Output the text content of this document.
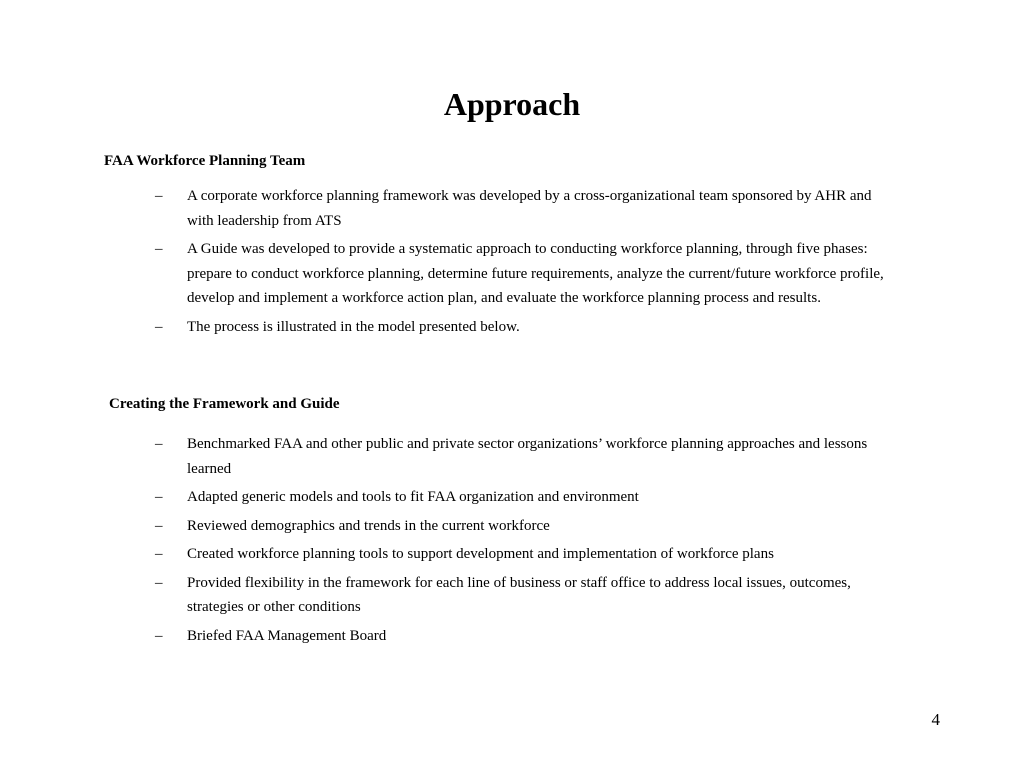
Approach
FAA Workforce Planning Team
–	A corporate workforce planning framework was developed by a cross-organizational team sponsored by AHR and with leadership from ATS
–	A Guide was developed to provide a systematic approach to conducting workforce planning, through five phases: prepare to conduct workforce planning, determine future requirements, analyze the current/future workforce profile, develop and implement a workforce action plan, and evaluate the workforce planning process and results.
–	The process is illustrated in the model presented below.
Creating the Framework and Guide
–	Benchmarked FAA and other public and private sector organizations’ workforce planning approaches and lessons learned
–	Adapted generic models and tools to fit FAA organization and environment
–	Reviewed demographics and trends in the current workforce
–	Created workforce planning tools to support development and implementation of workforce plans
–	Provided flexibility in the framework for each line of business or staff office to address local issues, outcomes, strategies or other conditions
–	Briefed FAA Management Board
4
